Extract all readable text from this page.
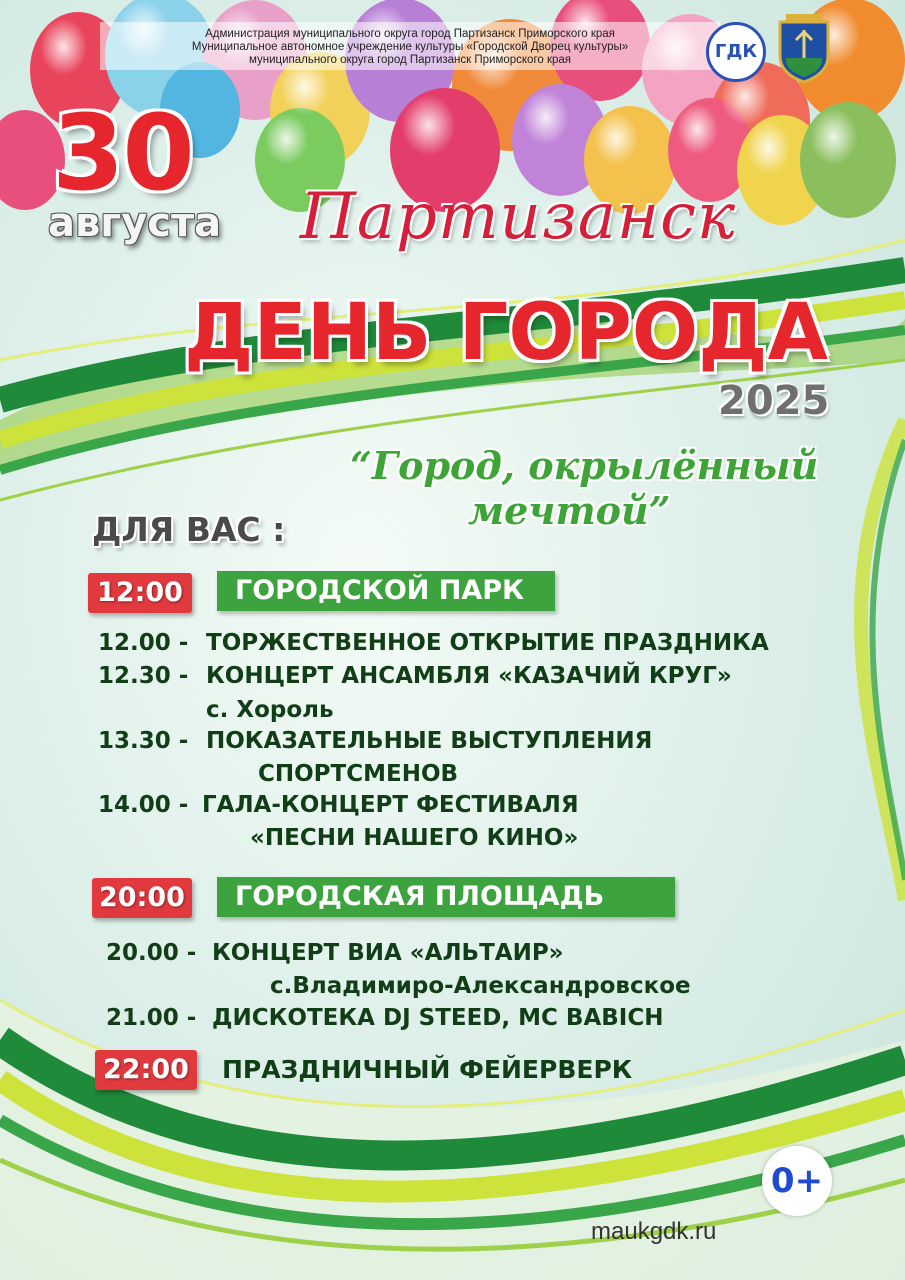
Администрация муниципального округа город Партизанск Приморского края
Муниципальное автономное учреждение культуры «Городской Дворец культуры»
муниципального округа город Партизанск Приморского края	ГДК
30
августа Партизанск
ДЕНЬ ГОРОДА
2025
“Город, окрылённый
мечтой”
ДЛЯ ВАС :
12:00	ГОРОДСКОЙ ПАРК
12.00 - ТОРЖЕСТВЕННОЕ ОТКРЫТИЕ ПРАЗДНИКА
12.30 - КОНЦЕРТ АНСАМБЛЯ «КАЗАЧИЙ КРУГ»
с. Хороль
13.30 - ПОКАЗАТЕЛЬНЫЕ ВЫСТУПЛЕНИЯ
СПОРТСМЕНОВ
14.00 - ГАЛА-КОНЦЕРТ ФЕСТИВАЛЯ
«ПЕСНИ НАШЕГО КИНО»
20:00	ГОРОДСКАЯ ПЛОЩАДЬ
20.00 - КОНЦЕРТ ВИА «АЛЬТАИР»
с.Владимиро-Александровское
21.00 - ДИСКОТЕКА DJ STEED, MC BABICH
22:00	ПРАЗДНИЧНЫЙ ФЕЙЕРВЕРК
0+
maukgdk.ru
